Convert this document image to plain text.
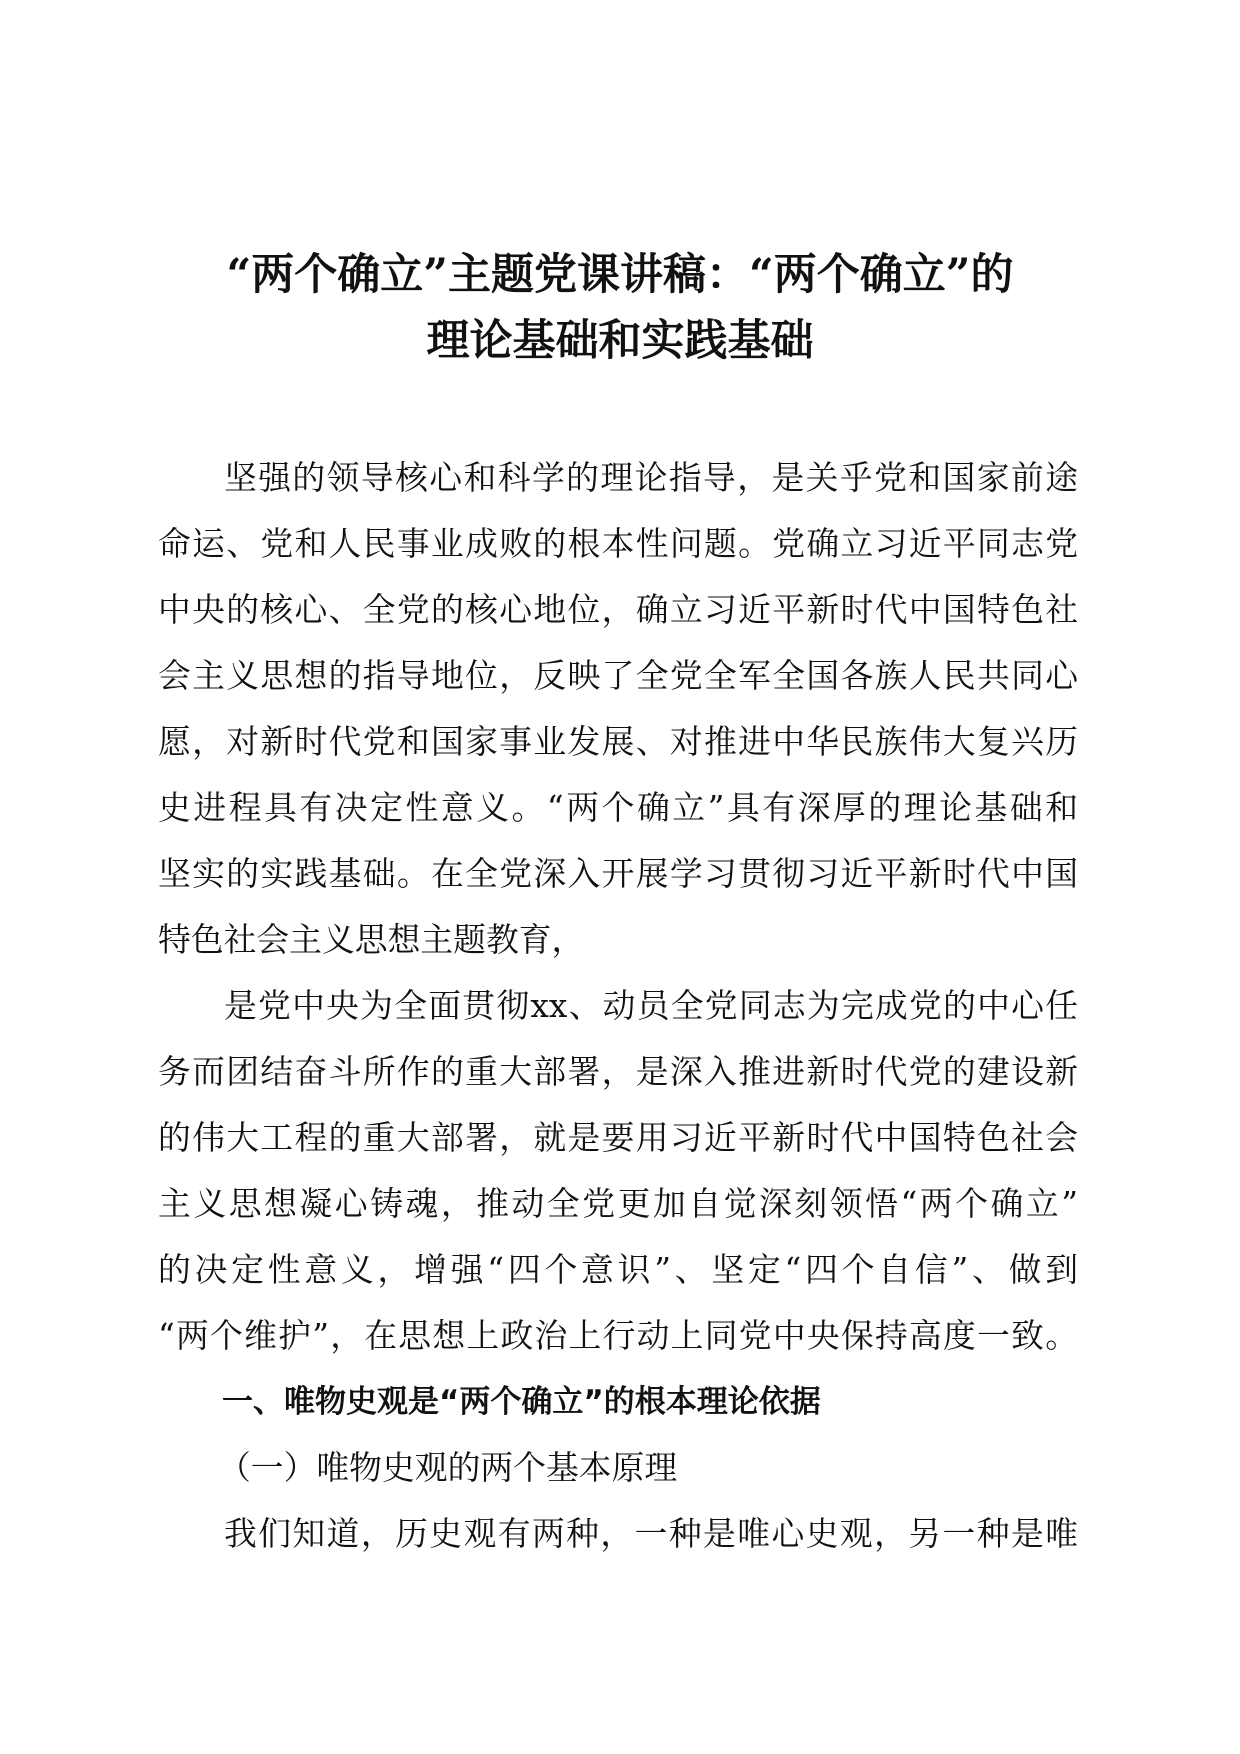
“两个确立”主题党课讲稿：“两个确立”的
理论基础和实践基础
坚强的领导核心和科学的理论指导，是关乎党和国家前途
命运、党和人民事业成败的根本性问题。党确立习近平同志党
中央的核心、全党的核心地位，确立习近平新时代中国特色社
会主义思想的指导地位，反映了全党全军全国各族人民共同心
愿，对新时代党和国家事业发展、对推进中华民族伟大复兴历
史进程具有决定性意义。“两个确立”具有深厚的理论基础和
坚实的实践基础。在全党深入开展学习贯彻习近平新时代中国
特色社会主义思想主题教育，
是党中央为全面贯彻xx、动员全党同志为完成党的中心任
务而团结奋斗所作的重大部署，是深入推进新时代党的建设新
的伟大工程的重大部署，就是要用习近平新时代中国特色社会
主义思想凝心铸魂，推动全党更加自觉深刻领悟“两个确立”
的决定性意义，增强“四个意识”、坚定“四个自信”、做到
“两个维护”，在思想上政治上行动上同党中央保持高度一致。
一、唯物史观是“两个确立”的根本理论依据
（一）唯物史观的两个基本原理
我们知道，历史观有两种，一种是唯心史观，另一种是唯
